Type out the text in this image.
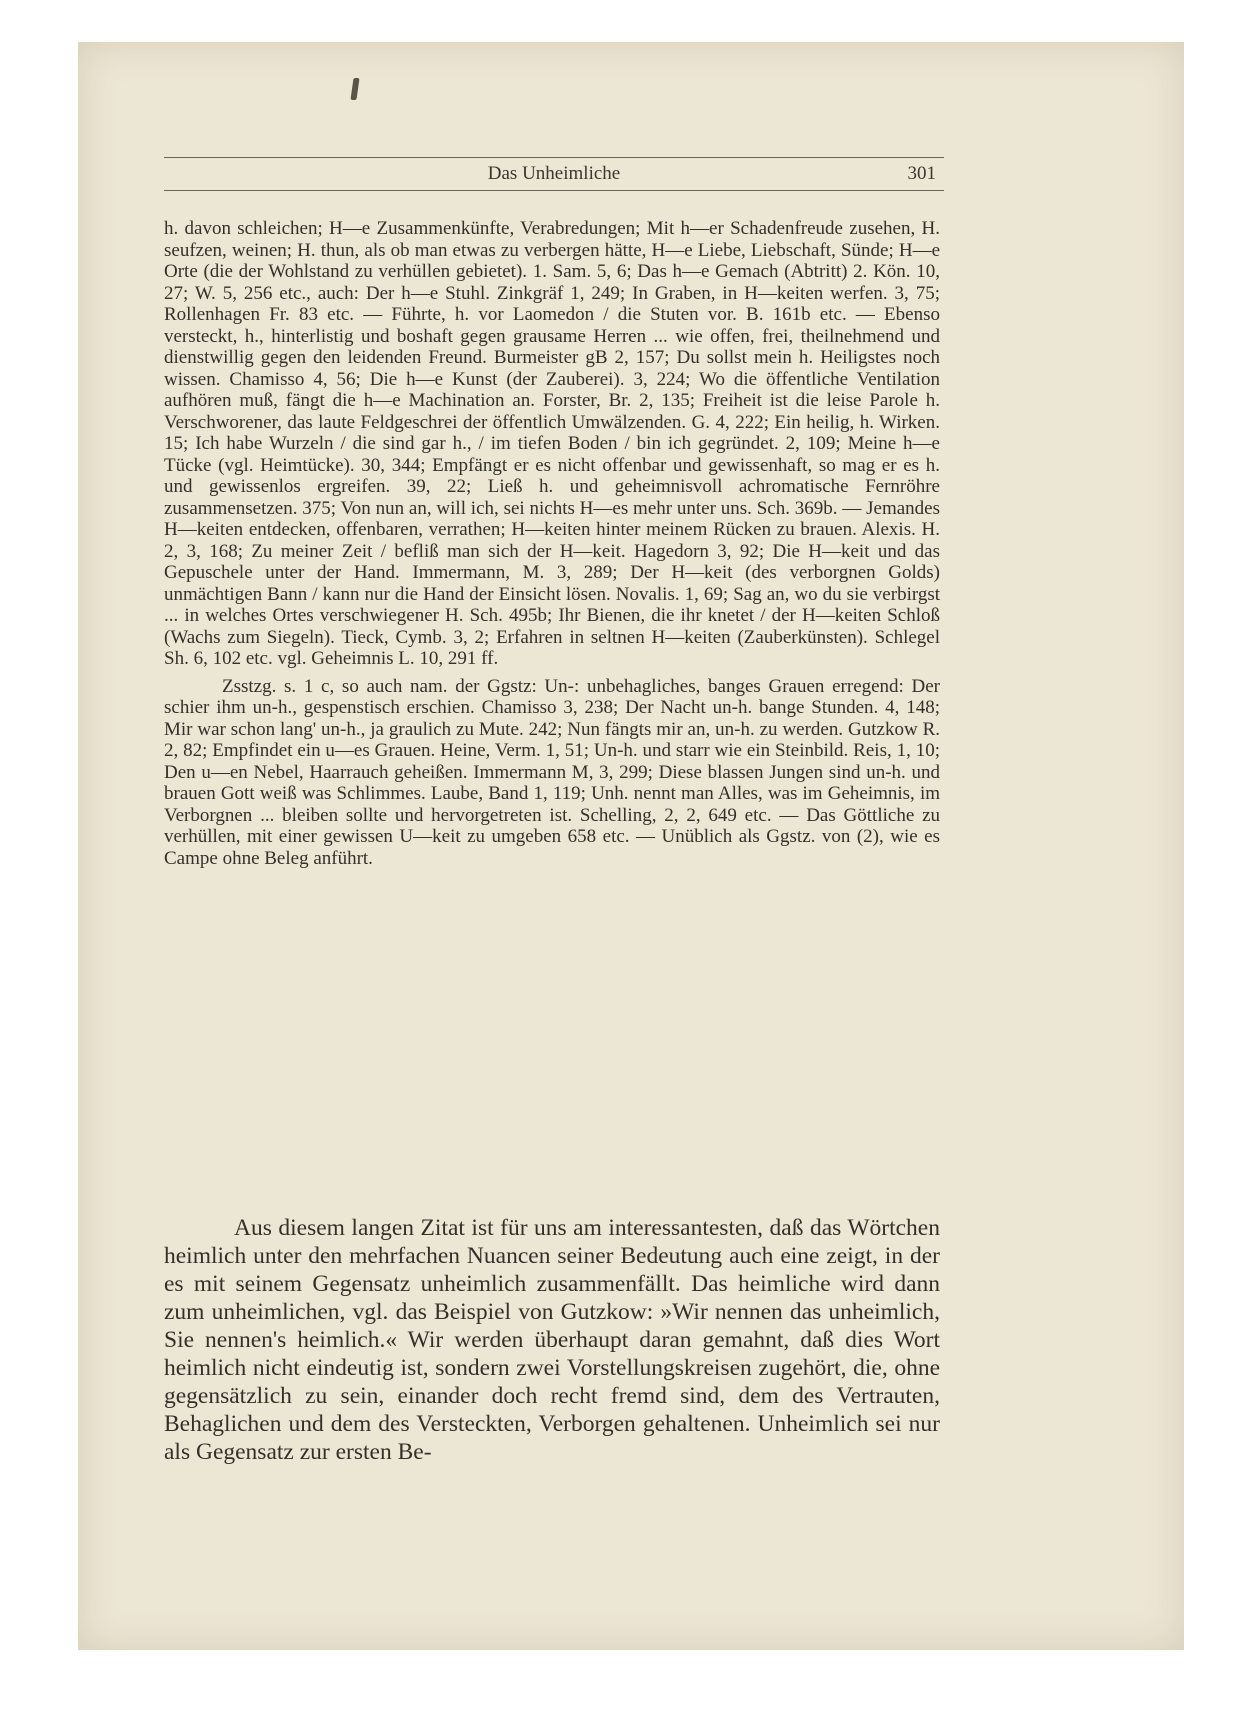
Das Unheimliche	301

h. davon schleichen; H—e Zusammenkünfte, Verabredungen; Mit h—er Schadenfreude zusehen, H. seufzen, weinen; H. thun, als ob man etwas zu verbergen hätte, H—e Liebe, Liebschaft, Sünde; H—e Orte (die der Wohlstand zu verhüllen gebietet). 1. Sam. 5, 6; Das h—e Gemach (Abtritt) 2. Kön. 10, 27; W. 5, 256 etc., auch: Der h—e Stuhl. Zinkgräf 1, 249; In Graben, in H—keiten werfen. 3, 75; Rollenhagen Fr. 83 etc. — Führte, h. vor Laomedon / die Stuten vor. B. 161b etc. — Ebenso versteckt, h., hinterlistig und boshaft gegen grausame Herren ... wie offen, frei, theilnehmend und dienstwillig gegen den leidenden Freund. Burmeister gB 2, 157; Du sollst mein h. Heiligstes noch wissen. Chamisso 4, 56; Die h—e Kunst (der Zauberei). 3, 224; Wo die öffentliche Ventilation aufhören muß, fängt die h—e Machination an. Forster, Br. 2, 135; Freiheit ist die leise Parole h. Verschworener, das laute Feldgeschrei der öffentlich Umwälzenden. G. 4, 222; Ein heilig, h. Wirken. 15; Ich habe Wurzeln / die sind gar h., / im tiefen Boden / bin ich gegründet. 2, 109; Meine h—e Tücke (vgl. Heimtücke). 30, 344; Empfängt er es nicht offenbar und gewissenhaft, so mag er es h. und gewissenlos ergreifen. 39, 22; Ließ h. und geheimnisvoll achromatische Fernröhre zusammensetzen. 375; Von nun an, will ich, sei nichts H—es mehr unter uns. Sch. 369b. — Jemandes H—keiten entdecken, offenbaren, verrathen; H—keiten hinter meinem Rücken zu brauen. Alexis. H. 2, 3, 168; Zu meiner Zeit / befliß man sich der H—keit. Hagedorn 3, 92; Die H—keit und das Gepuschele unter der Hand. Immermann, M. 3, 289; Der H—keit (des verborgnen Golds) unmächtigen Bann / kann nur die Hand der Einsicht lösen. Novalis. 1, 69; Sag an, wo du sie verbirgst ... in welches Ortes verschwiegener H. Sch. 495b; Ihr Bienen, die ihr knetet / der H—keiten Schloß (Wachs zum Siegeln). Tieck, Cymb. 3, 2; Erfahren in seltnen H—keiten (Zauberkünsten). Schlegel Sh. 6, 102 etc. vgl. Geheimnis L. 10, 291 ff.

Zsstzg. s. 1 c, so auch nam. der Ggstz: Un-: unbehagliches, banges Grauen erregend: Der schier ihm un-h., gespenstisch erschien. Chamisso 3, 238; Der Nacht un-h. bange Stunden. 4, 148; Mir war schon lang' un-h., ja graulich zu Mute. 242; Nun fängts mir an, un-h. zu werden. Gutzkow R. 2, 82; Empfindet ein u—es Grauen. Heine, Verm. 1, 51; Un-h. und starr wie ein Steinbild. Reis, 1, 10; Den u—en Nebel, Haarrauch geheißen. Immermann M, 3, 299; Diese blassen Jungen sind un-h. und brauen Gott weiß was Schlimmes. Laube, Band 1, 119; Unh. nennt man Alles, was im Geheimnis, im Verborgnen ... bleiben sollte und hervorgetreten ist. Schelling, 2, 2, 649 etc. — Das Göttliche zu verhüllen, mit einer gewissen U—keit zu umgeben 658 etc. — Unüblich als Ggstz. von (2), wie es Campe ohne Beleg anführt.

Aus diesem langen Zitat ist für uns am interessantesten, daß das Wörtchen heimlich unter den mehrfachen Nuancen seiner Bedeutung auch eine zeigt, in der es mit seinem Gegensatz unheimlich zusammenfällt. Das heimliche wird dann zum unheimlichen, vgl. das Beispiel von Gutzkow: »Wir nennen das unheimlich, Sie nennen's heimlich.« Wir werden überhaupt daran gemahnt, daß dies Wort heimlich nicht eindeutig ist, sondern zwei Vorstellungskreisen zugehört, die, ohne gegensätzlich zu sein, einander doch recht fremd sind, dem des Vertrauten, Behaglichen und dem des Versteckten, Verborgen gehaltenen. Unheimlich sei nur als Gegensatz zur ersten Be-
